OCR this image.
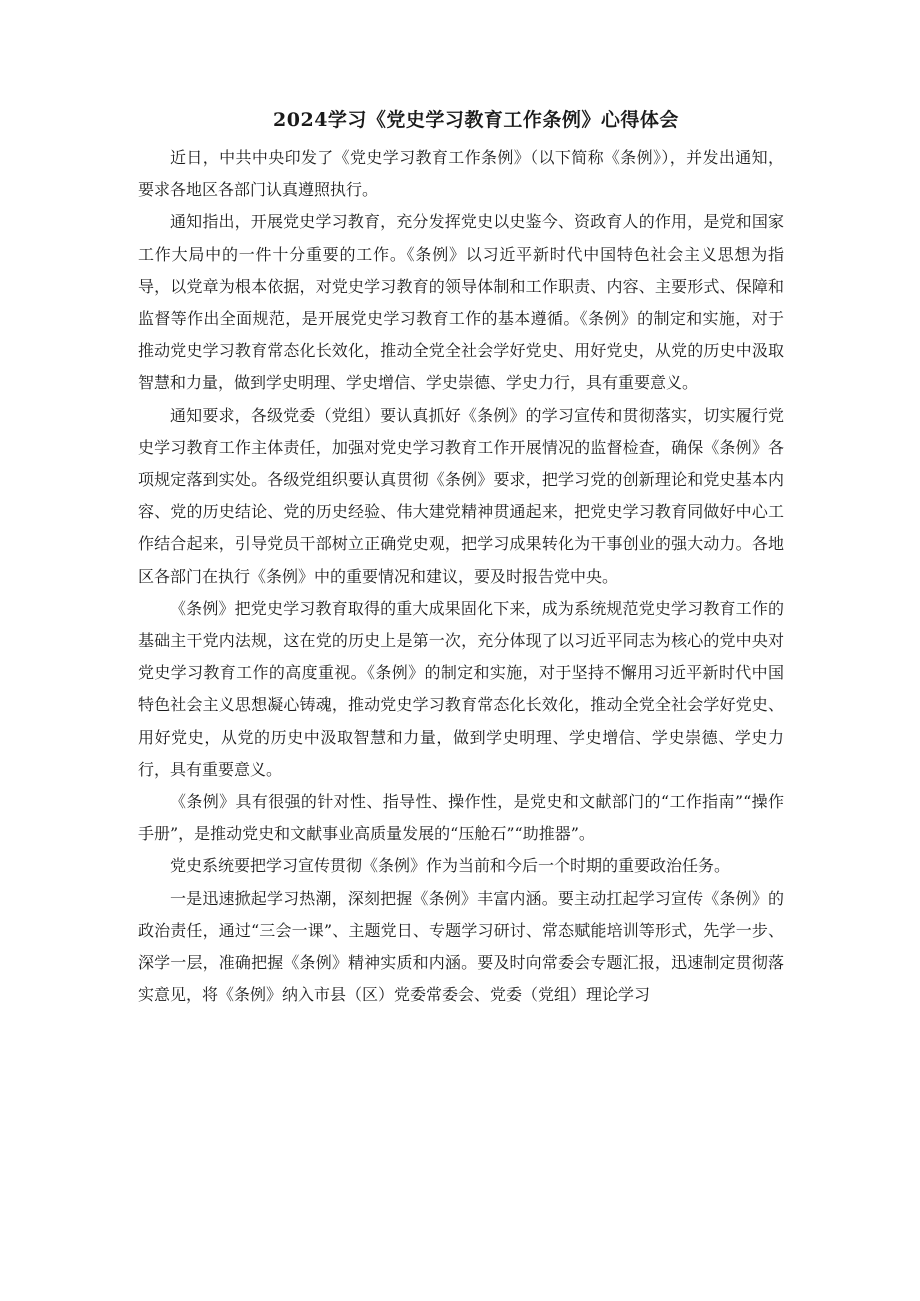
2024学习《党史学习教育工作条例》心得体会

近日，中共中央印发了《党史学习教育工作条例》（以下简称《条例》），并发出通知，要求各地区各部门认真遵照执行。

通知指出，开展党史学习教育，充分发挥党史以史鉴今、资政育人的作用，是党和国家工作大局中的一件十分重要的工作。《条例》以习近平新时代中国特色社会主义思想为指导，以党章为根本依据，对党史学习教育的领导体制和工作职责、内容、主要形式、保障和监督等作出全面规范，是开展党史学习教育工作的基本遵循。《条例》的制定和实施，对于推动党史学习教育常态化长效化，推动全党全社会学好党史、用好党史，从党的历史中汲取智慧和力量，做到学史明理、学史增信、学史崇德、学史力行，具有重要意义。

通知要求，各级党委（党组）要认真抓好《条例》的学习宣传和贯彻落实，切实履行党史学习教育工作主体责任，加强对党史学习教育工作开展情况的监督检查，确保《条例》各项规定落到实处。各级党组织要认真贯彻《条例》要求，把学习党的创新理论和党史基本内容、党的历史结论、党的历史经验、伟大建党精神贯通起来，把党史学习教育同做好中心工作结合起来，引导党员干部树立正确党史观，把学习成果转化为干事创业的强大动力。各地区各部门在执行《条例》中的重要情况和建议，要及时报告党中央。

《条例》把党史学习教育取得的重大成果固化下来，成为系统规范党史学习教育工作的基础主干党内法规，这在党的历史上是第一次，充分体现了以习近平同志为核心的党中央对党史学习教育工作的高度重视。《条例》的制定和实施，对于坚持不懈用习近平新时代中国特色社会主义思想凝心铸魂，推动党史学习教育常态化长效化，推动全党全社会学好党史、用好党史，从党的历史中汲取智慧和力量，做到学史明理、学史增信、学史崇德、学史力行，具有重要意义。

《条例》具有很强的针对性、指导性、操作性，是党史和文献部门的“工作指南”“操作手册”，是推动党史和文献事业高质量发展的“压舱石”“助推器”。

党史系统要把学习宣传贯彻《条例》作为当前和今后一个时期的重要政治任务。

一是迅速掀起学习热潮，深刻把握《条例》丰富内涵。要主动扛起学习宣传《条例》的政治责任，通过“三会一课”、主题党日、专题学习研讨、常态赋能培训等形式，先学一步、深学一层，准确把握《条例》精神实质和内涵。要及时向常委会专题汇报，迅速制定贯彻落实意见，将《条例》纳入市县（区）党委常委会、党委（党组）理论学习
